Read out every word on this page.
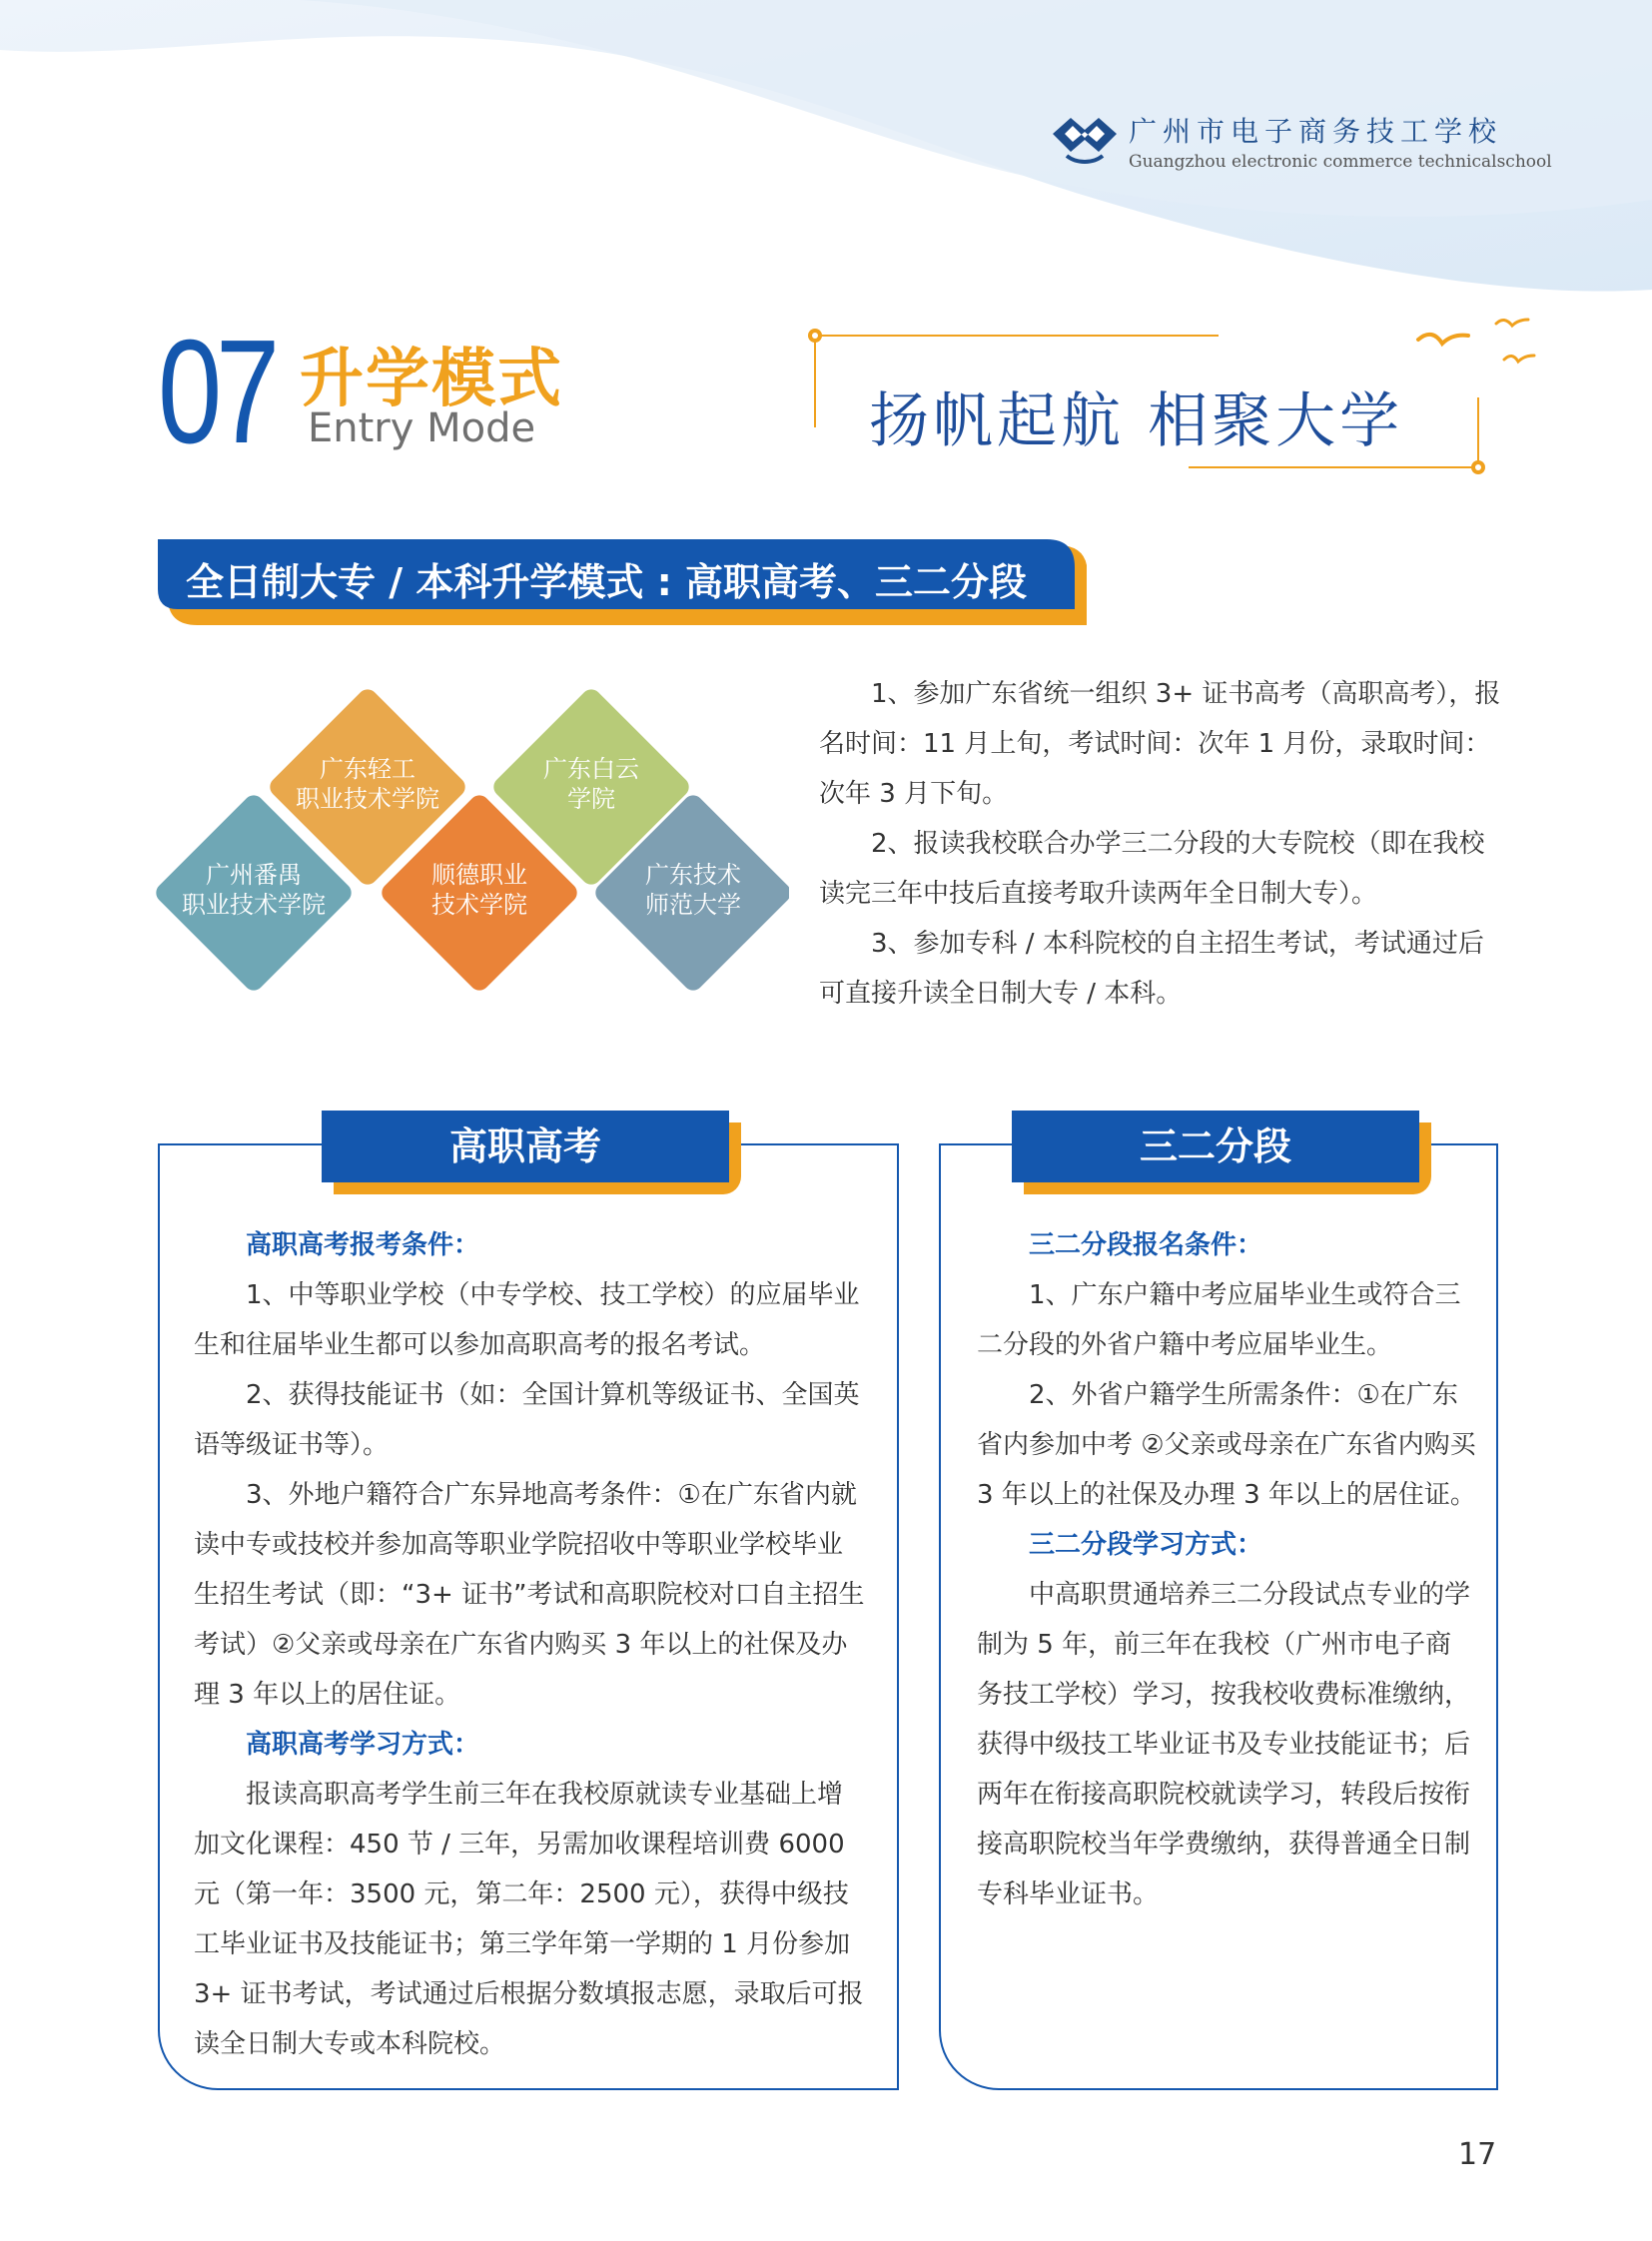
广州市电子商务技工学校
Guangzhou electronic commerce technicalschool
07 升学模式
Entry Mode	扬帆起航 相聚大学
全日制大专 / 本科升学模式 : 高职高考、三二分段
广东轻工
职业技术学院
广东白云
学院
广州番禺
职业技术学院
顺德职业
技术学院
广东技术
师范大学

1、参加广东省统一组织 3+ 证书高考（高职高考），报名时间：11 月上旬，考试时间：次年 1 月份，录取时间：次年 3 月下旬。

2、报读我校联合办学三二分段的大专院校（即在我校读完三年中技后直接考取升读两年全日制大专）。

3、参加专科 / 本科院校的自主招生考试，考试通过后可直接升读全日制大专 / 本科。

高职高考

高职高考报考条件：

1、中等职业学校（中专学校、技工学校）的应届毕业生和往届毕业生都可以参加高职高考的报名考试。

2、获得技能证书（如：全国计算机等级证书、全国英语等级证书等）。

3、外地户籍符合广东异地高考条件：①在广东省内就读中专或技校并参加高等职业学院招收中等职业学校毕业生招生考试（即：“3+ 证书”考试和高职院校对口自主招生考试）②父亲或母亲在广东省内购买 3 年以上的社保及办理 3 年以上的居住证。

高职高考学习方式：

报读高职高考学生前三年在我校原就读专业基础上增加文化课程：450 节 / 三年，另需加收课程培训费 6000 元（第一年：3500 元，第二年：2500 元），获得中级技工毕业证书及技能证书；第三学年第一学期的 1 月份参加 3+ 证书考试，考试通过后根据分数填报志愿，录取后可报读全日制大专或本科院校。

三二分段

三二分段报名条件：

1、广东户籍中考应届毕业生或符合三二分段的外省户籍中考应届毕业生。

2、外省户籍学生所需条件：①在广东省内参加中考 ②父亲或母亲在广东省内购买 3 年以上的社保及办理 3 年以上的居住证。

三二分段学习方式：

中高职贯通培养三二分段试点专业的学制为 5 年，前三年在我校（广州市电子商务技工学校）学习，按我校收费标准缴纳，获得中级技工毕业证书及专业技能证书；后两年在衔接高职院校就读学习，转段后按衔接高职院校当年学费缴纳，获得普通全日制专科毕业证书。

17
